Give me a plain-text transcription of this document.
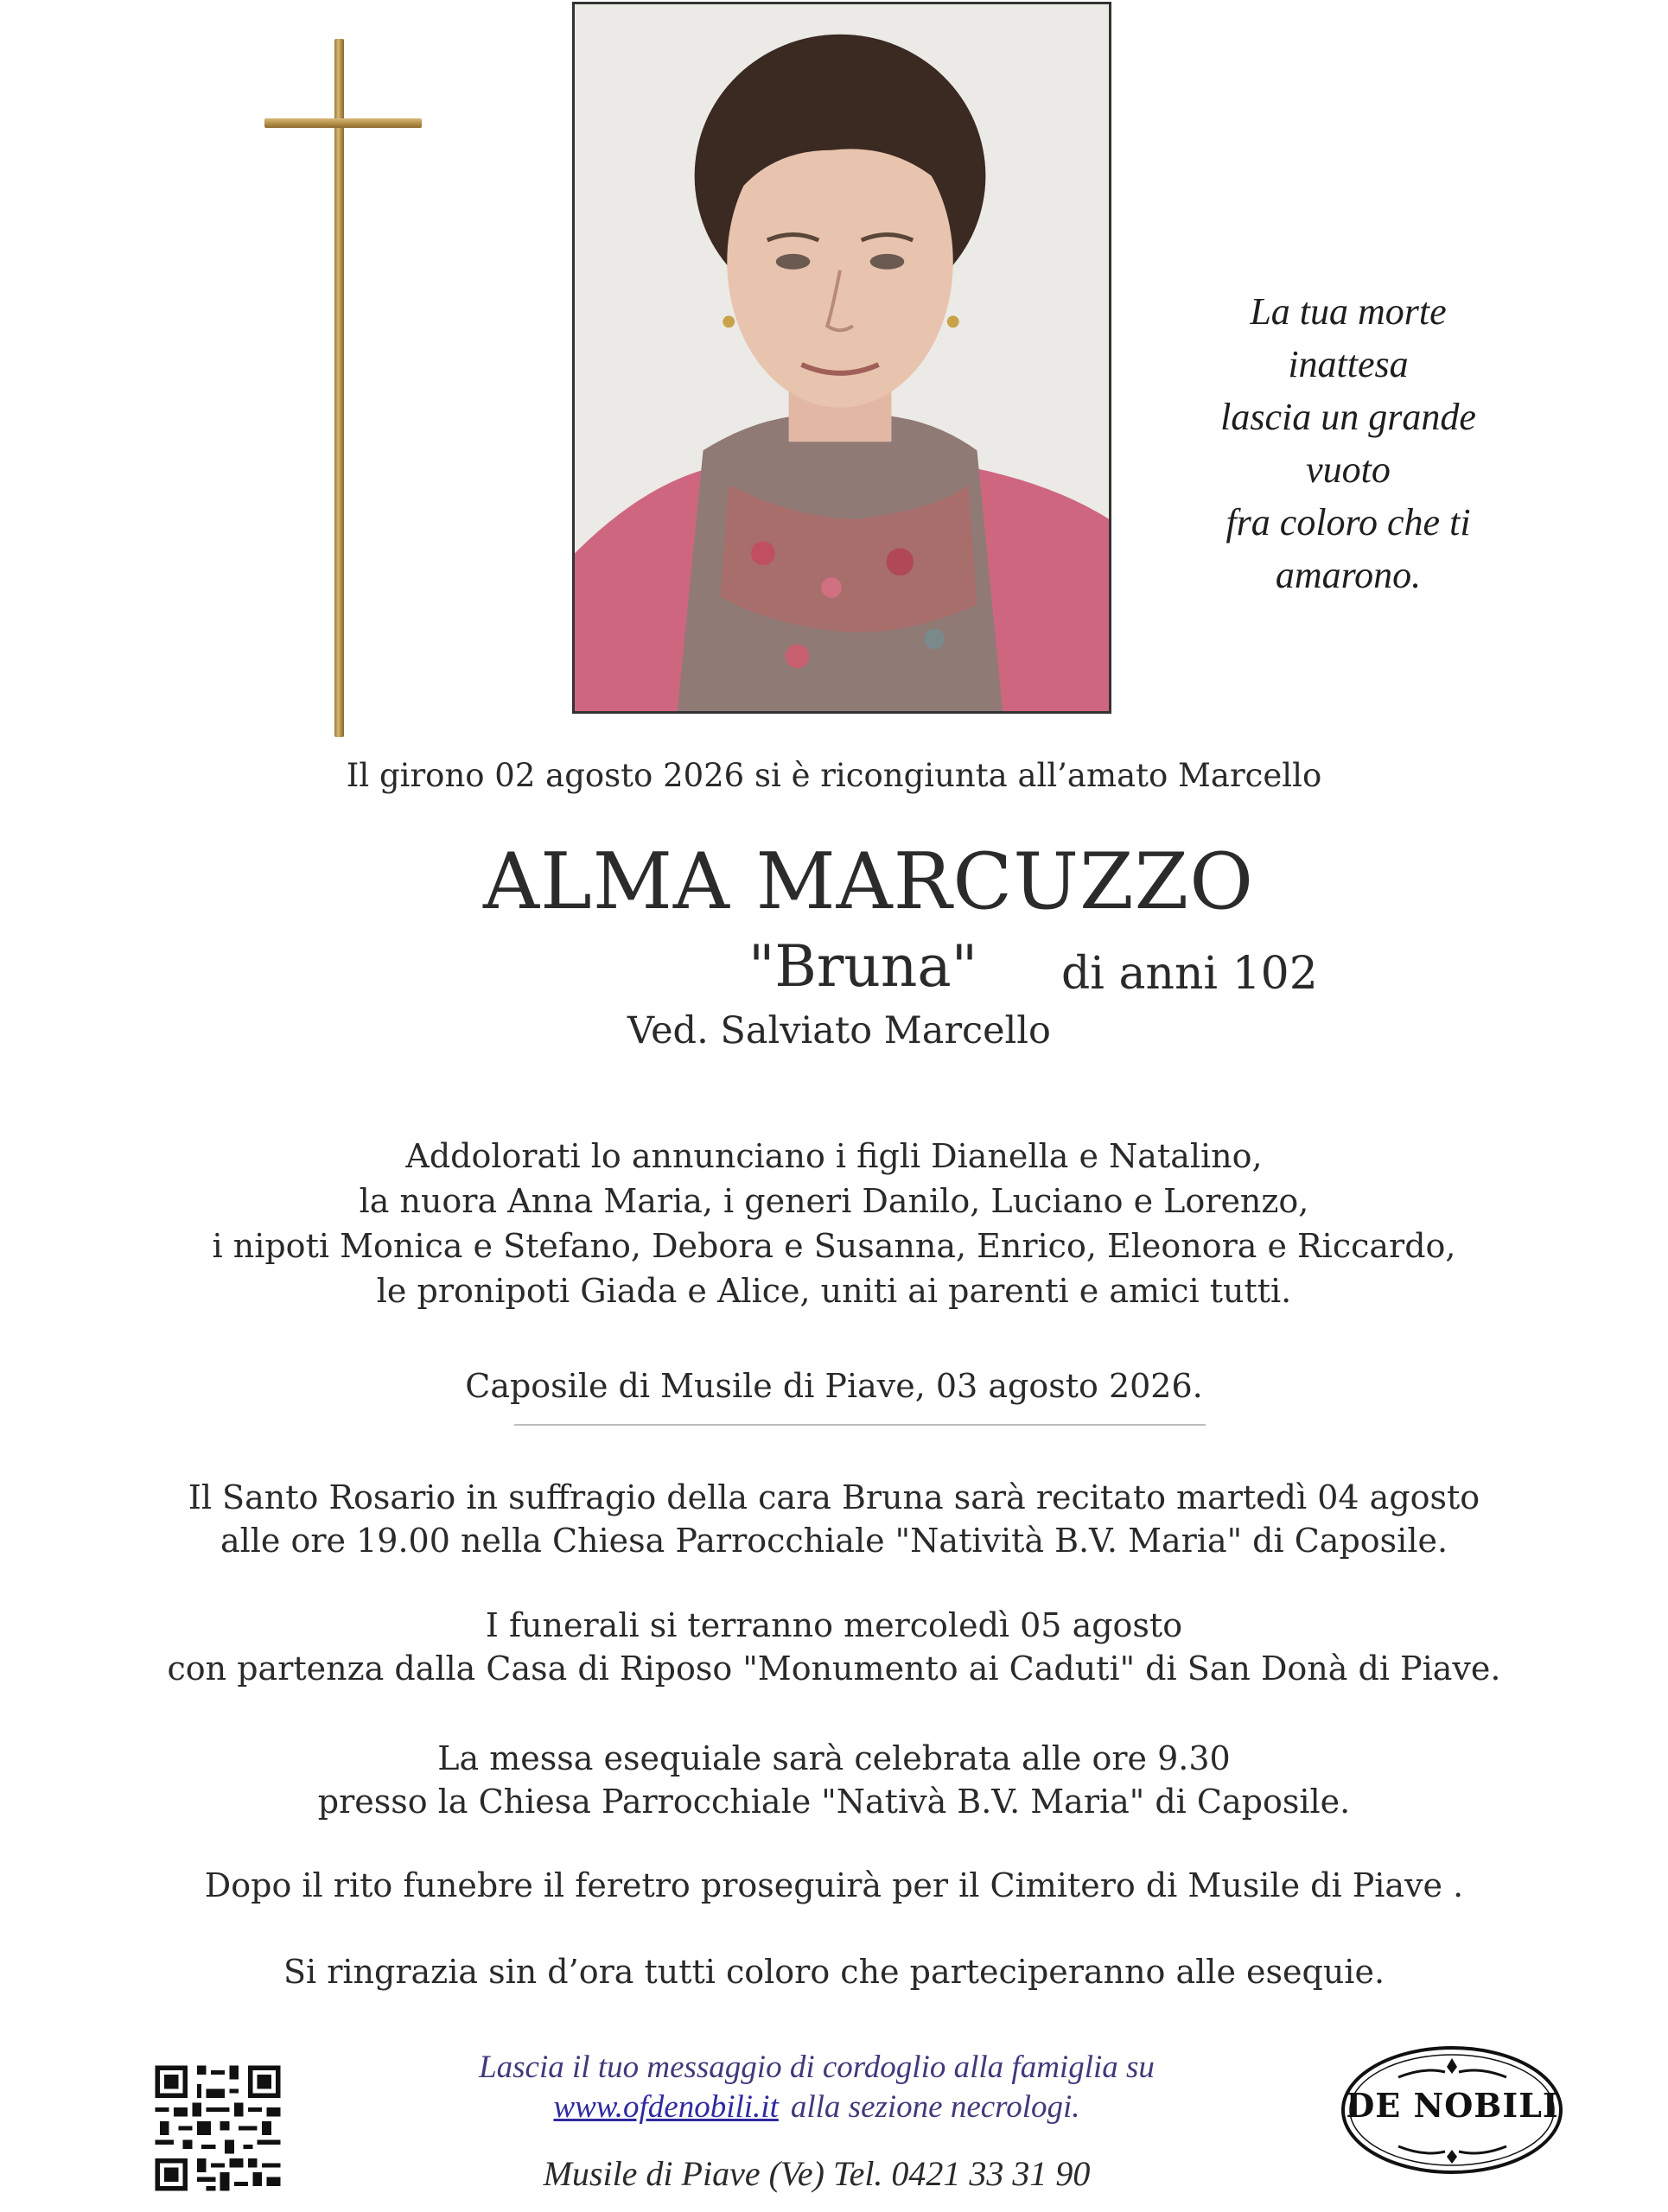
La tua morte
inattesa
lascia un grande
vuoto
fra coloro che ti
amarono.
Il girono 02 agosto 2026 si è ricongiunta all’amato Marcello
ALMA MARCUZZO
"Bruna" di anni 102
Ved. Salviato Marcello
Addolorati lo annunciano i figli Dianella e Natalino,
la nuora Anna Maria, i generi Danilo, Luciano e Lorenzo,
i nipoti Monica e Stefano, Debora e Susanna, Enrico, Eleonora e Riccardo,
le pronipoti Giada e Alice, uniti ai parenti e amici tutti.
Caposile di Musile di Piave, 03 agosto 2026.
Il Santo Rosario in suffragio della cara Bruna sarà recitato martedì 04 agosto
alle ore 19.00 nella Chiesa Parrocchiale "Natività B.V. Maria" di Caposile.
I funerali si terranno mercoledì 05 agosto
con partenza dalla Casa di Riposo "Monumento ai Caduti" di San Donà di Piave.
La messa esequiale sarà celebrata alle ore 9.30
presso la Chiesa Parrocchiale "Nativà B.V. Maria" di Caposile.
Dopo il rito funebre il feretro proseguirà per il Cimitero di Musile di Piave .
Si ringrazia sin d’ora tutti coloro che parteciperanno alle esequie.
Lascia il tuo messaggio di cordoglio alla famiglia su
www.ofdenobili.it alla sezione necrologi.
Musile di Piave (Ve) Tel. 0421 33 31 90
DE NOBILI
